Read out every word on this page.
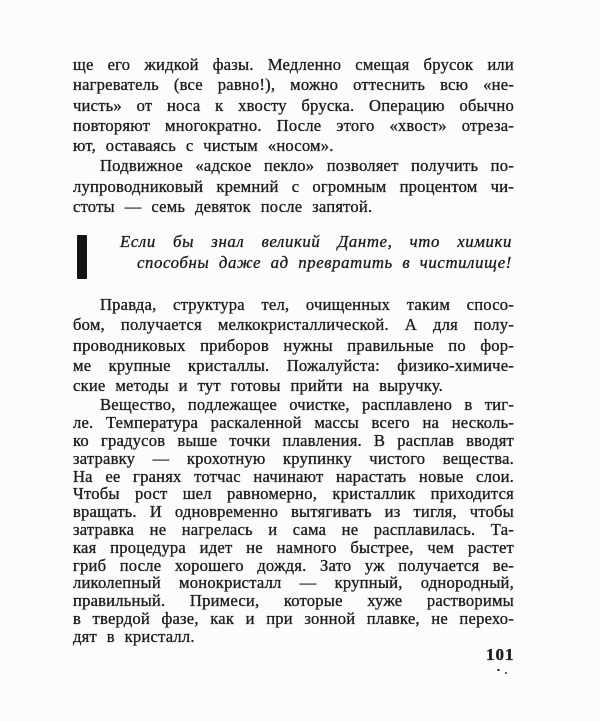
ще его жидкой фазы. Медленно смещая брусок или
нагреватель (все равно!), можно оттеснить всю «не-
чисть» от носа к хвосту бруска. Операцию обычно
повторяют многократно. После этого «хвост» отреза-
ют, оставаясь с чистым «носом».
Подвижное «адское пекло» позволяет получить по-
лупроводниковый кремний с огромным процентом чи-
стоты — семь девяток после запятой.
Если бы знал великий Данте, что химики
способны даже ад превратить в чистилище!
Правда, структура тел, очищенных таким спосо-
бом, получается мелкокристаллической. А для полу-
проводниковых приборов нужны правильные по фор-
ме крупные кристаллы. Пожалуйста: физико-химиче-
ские методы и тут готовы прийти на выручку.
Вещество, подлежащее очистке, расплавлено в тиг-
ле. Температура раскаленной массы всего на несколь-
ко градусов выше точки плавления. В расплав вводят
затравку — крохотную крупинку чистого вещества.
На ее гранях тотчас начинают нарастать новые слои.
Чтобы рост шел равномерно, кристаллик приходится
вращать. И одновременно вытягивать из тигля, чтобы
затравка не нагрелась и сама не расплавилась. Та-
кая процедура идет не намного быстрее, чем растет
гриб после хорошего дождя. Зато уж получается ве-
ликолепный монокристалл — крупный, однородный,
правильный. Примеси, которые хуже растворимы
в твердой фазе, как и при зонной плавке, не перехо-
дят в кристалл.
101
